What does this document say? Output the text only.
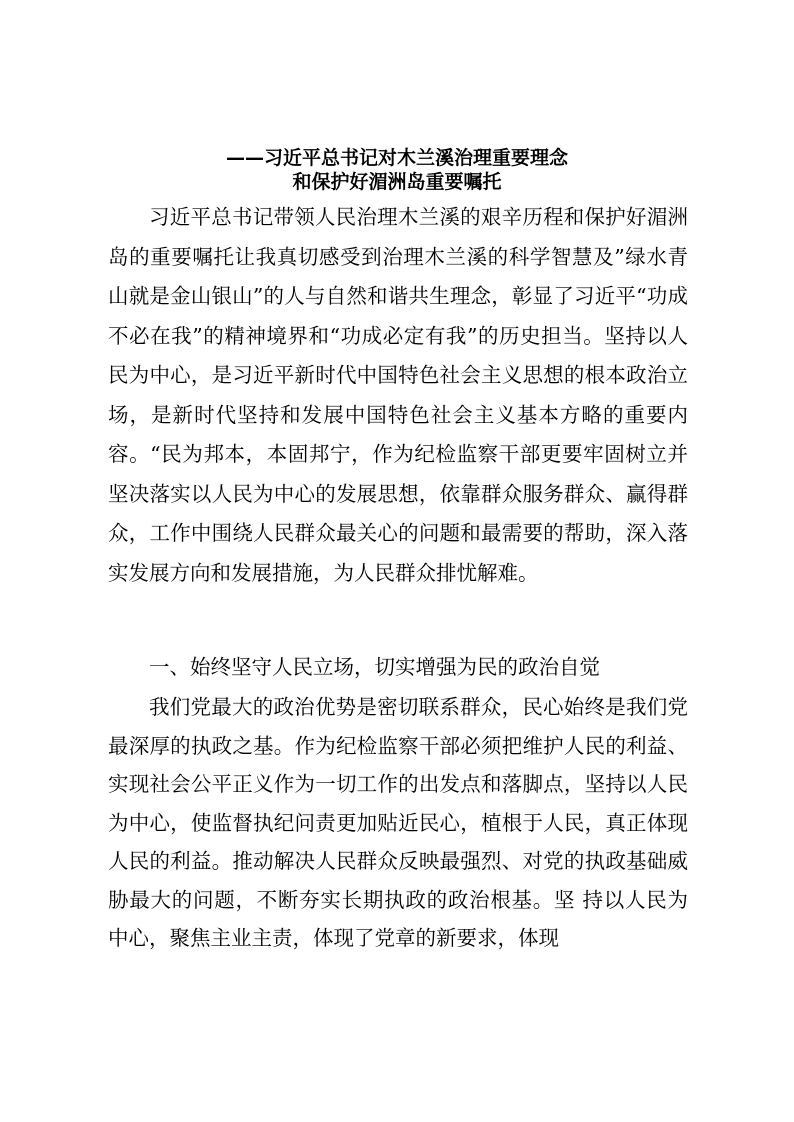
——习近平总书记对木兰溪治理重要理念
和保护好湄洲岛重要嘱托

习近平总书记带领人民治理木兰溪的艰辛历程和保护好湄洲岛的重要嘱托让我真切感受到治理木兰溪的科学智慧及”绿水青山就是金山银山”的人与自然和谐共生理念，彰显了习近平“功成不必在我”的精神境界和“功成必定有我”的历史担当。坚持以人民为中心，是习近平新时代中国特色社会主义思想的根本政治立场，是新时代坚持和发展中国特色社会主义基本方略的重要内容。“民为邦本，本固邦宁，作为纪检监察干部更要牢固树立并坚决落实以人民为中心的发展思想，依靠群众服务群众、赢得群众，工作中围绕人民群众最关心的问题和最需要的帮助，深入落实发展方向和发展措施，为人民群众排忧解难。

一、始终坚守人民立场，切实增强为民的政治自觉

我们党最大的政治优势是密切联系群众，民心始终是我们党最深厚的执政之基。作为纪检监察干部必须把维护人民的利益、实现社会公平正义作为一切工作的出发点和落脚点，坚持以人民为中心，使监督执纪问责更加贴近民心，植根于人民，真正体现人民的利益。推动解决人民群众反映最强烈、对党的执政基础威胁最大的问题，不断夯实长期执政的政治根基。坚 持以人民为中心，聚焦主业主责，体现了党章的新要求，体现
